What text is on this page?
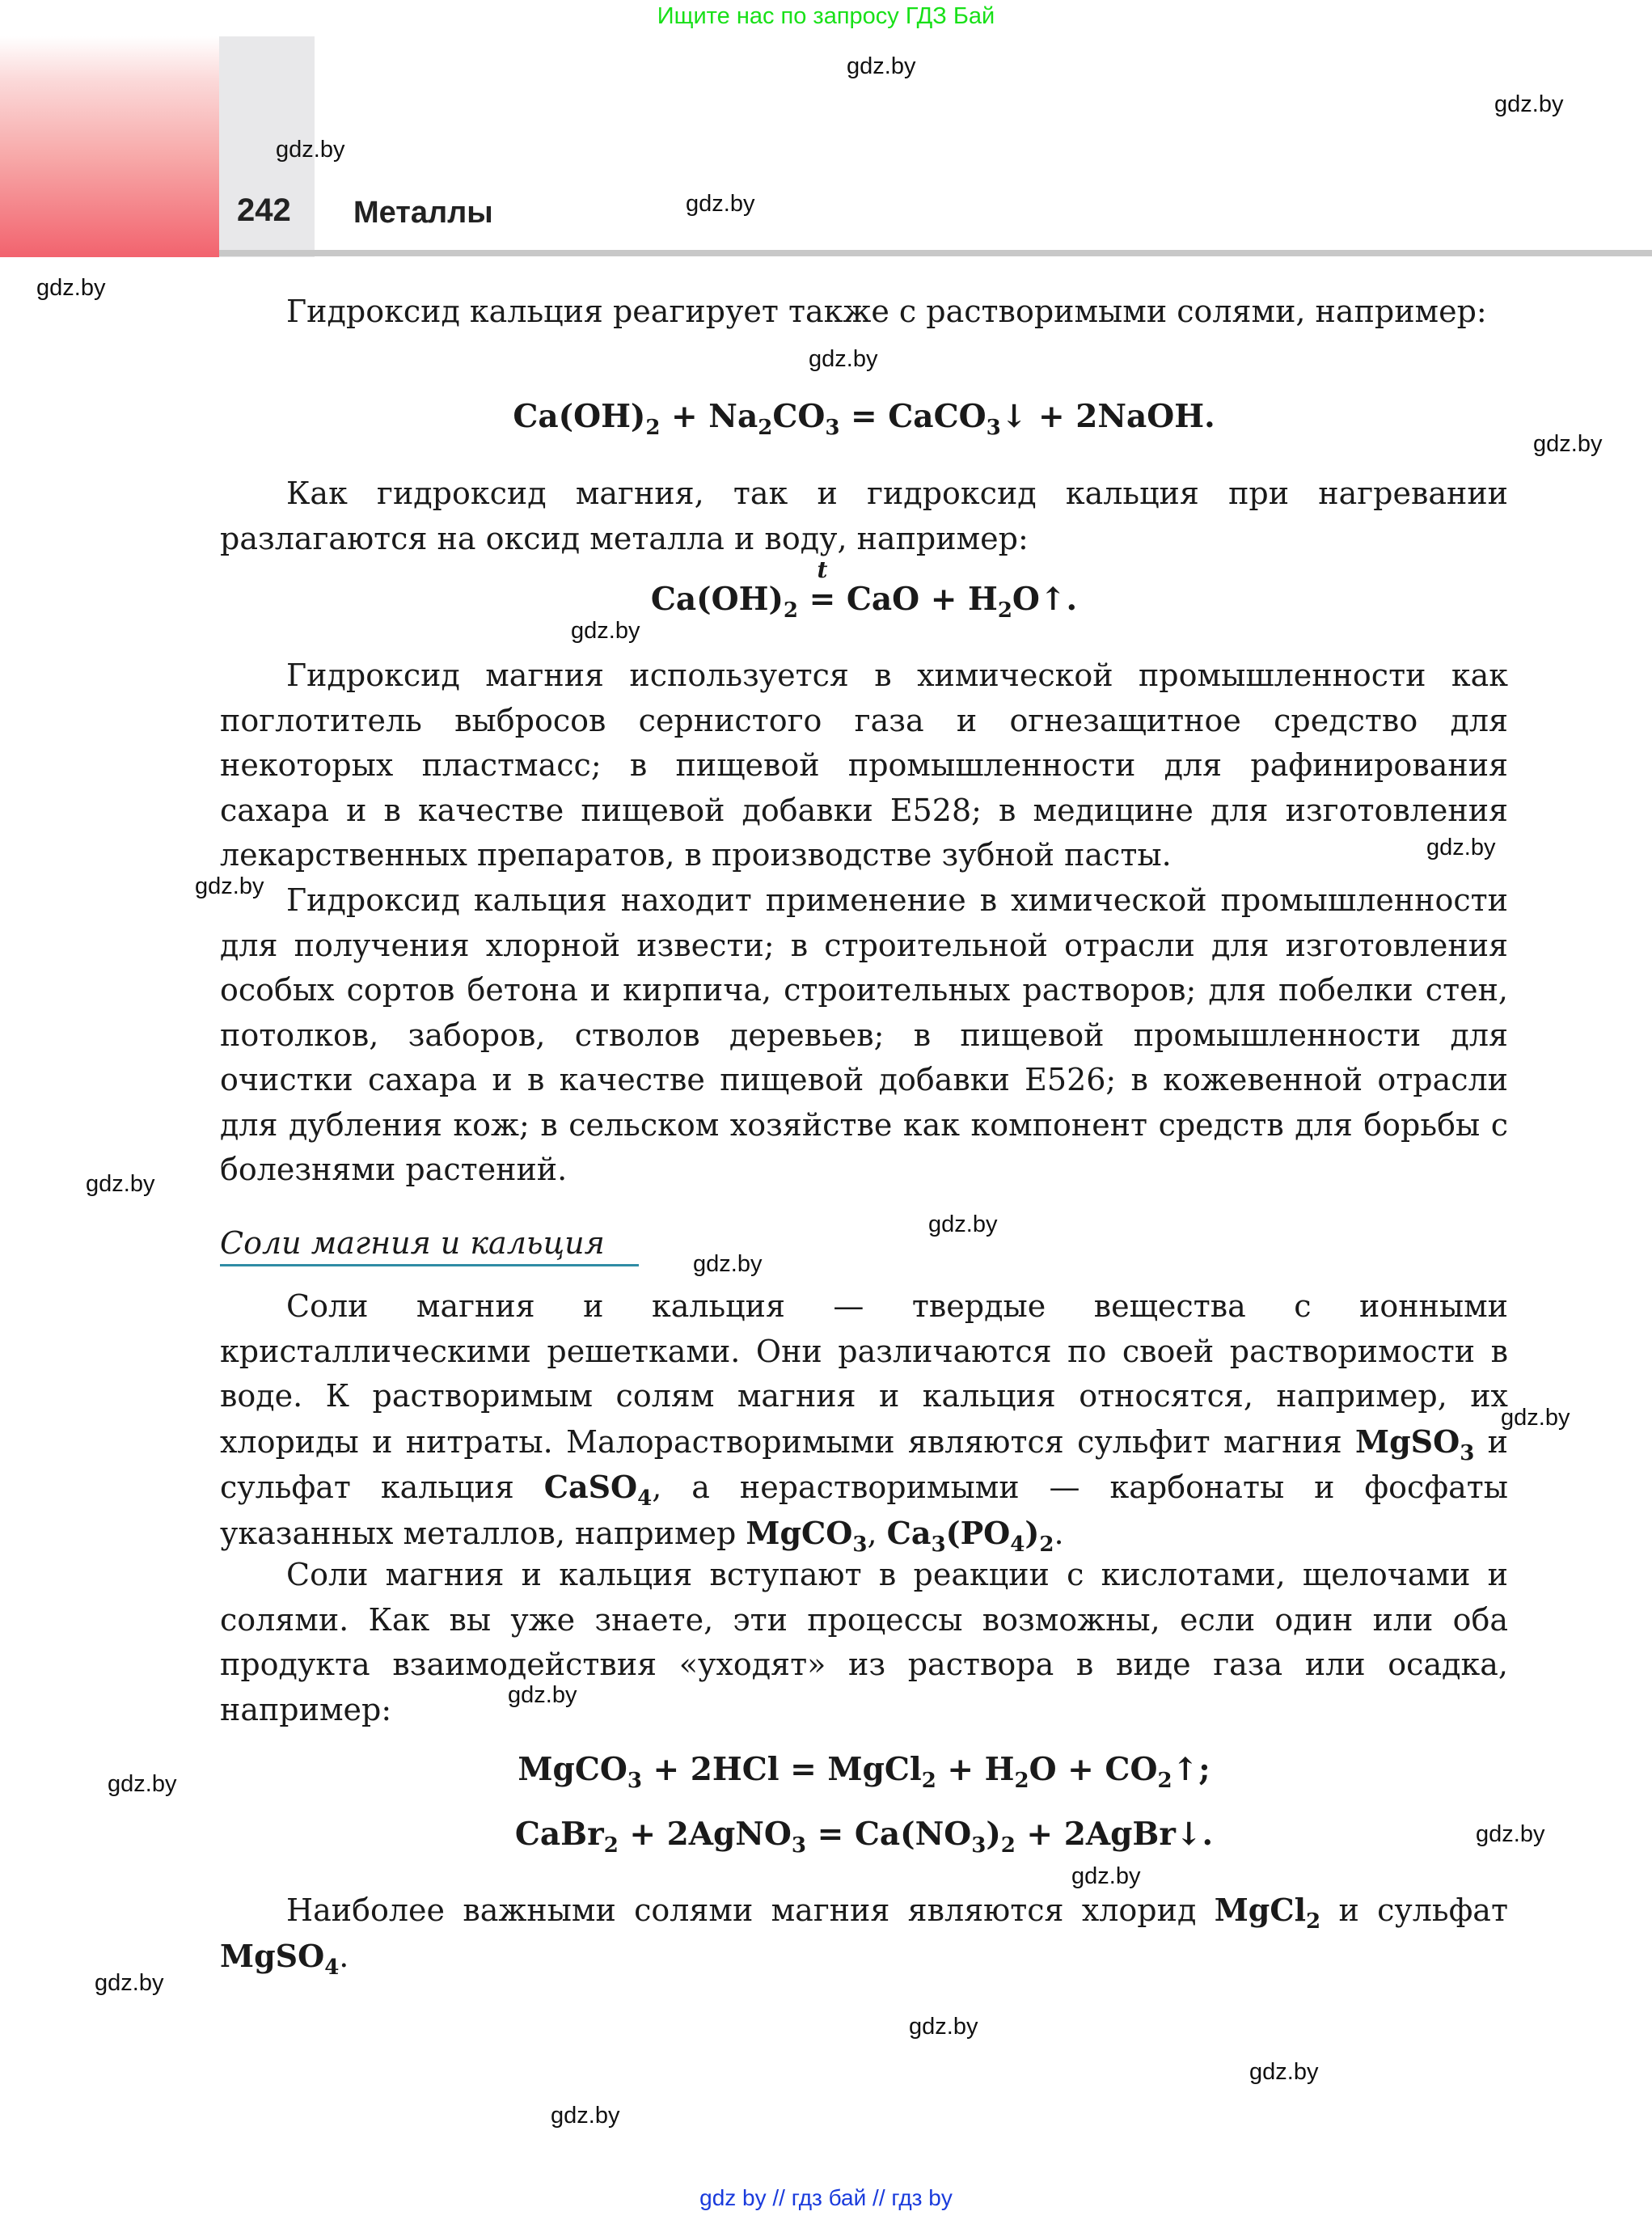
Ищите нас по запросу ГДЗ Бай
242 Металлы
gdz.by
gdz.by
gdz.by
gdz.by
gdz.by
gdz.by
gdz.by
gdz.by
gdz.by
gdz.by
gdz.by
gdz.by
gdz.by
gdz.by
gdz.by
gdz.by
gdz.by
gdz.by
gdz.by
gdz.by
gdz.by
gdz.by
Гидроксид кальция реагирует также с растворимыми солями, например:
$Ca(OH)_2 + Na_2CO_3$ = CaCO$_3$↓ + 2NaOH.
Как гидроксид магния, так и гидроксид кальция при нагревании разлагаются на оксид металла и воду, например:
$Ca(OH)_2$
t
= CaO + $H_2O↑$.
Гидроксид магния используется в химической промышленности как поглотитель выбросов сернистого газа и огнезащитное средство для некоторых пластмасс; в пищевой промышленности для рафинирования сахара и в качестве пищевой добавки Е528; в медицине для изготовления лекарственных препаратов, в производстве зубной пасты.
Гидроксид кальция находит применение в химической промышленности для получения хлорной извести; в строительной отрасли для изготовления особых сортов бетона и кирпича, строительных растворов; для побелки стен, потолков, заборов, стволов деревьев; в пищевой промышленности для очистки сахара и в качестве пищевой добавки Е526; в кожевенной отрасли для дубления кож; в сельском хозяйстве как компонент средств для борьбы с болезнями растений.
Соли магния и кальция
Соли магния и кальция — твердые вещества с ионными кристаллическими решетками. Они различаются по своей растворимости в воде. К растворимым солям магния и кальция относятся, например, их хлориды и нитраты. Малорастворимыми являются сульфит магния MgSO$_3$ и сульфат кальция CaSO$_4$, а нерастворимыми — карбонаты и фосфаты указанных металлов, например MgCO$_3$, $Ca_3(PO_4)_2$.
Соли магния и кальция вступают в реакции с кислотами, щелочами и солями. Как вы уже знаете, эти процессы возможны, если один или оба продукта взаимодействия «уходят» из раствора в виде газа или осадка, например:
MgCO$_3$ + 2HCl = MgCl$_2$ + $H_2O$ + $CO_2↑$;
CaBr$_2$ + 2AgNO$_3$ = $Ca(NO_3)_2$ + 2AgBr↓.
Наиболее важными солями магния являются хлорид MgCl$_2$ и сульфат MgSO$_4$.
gdz by // гдз бай // гдз by
